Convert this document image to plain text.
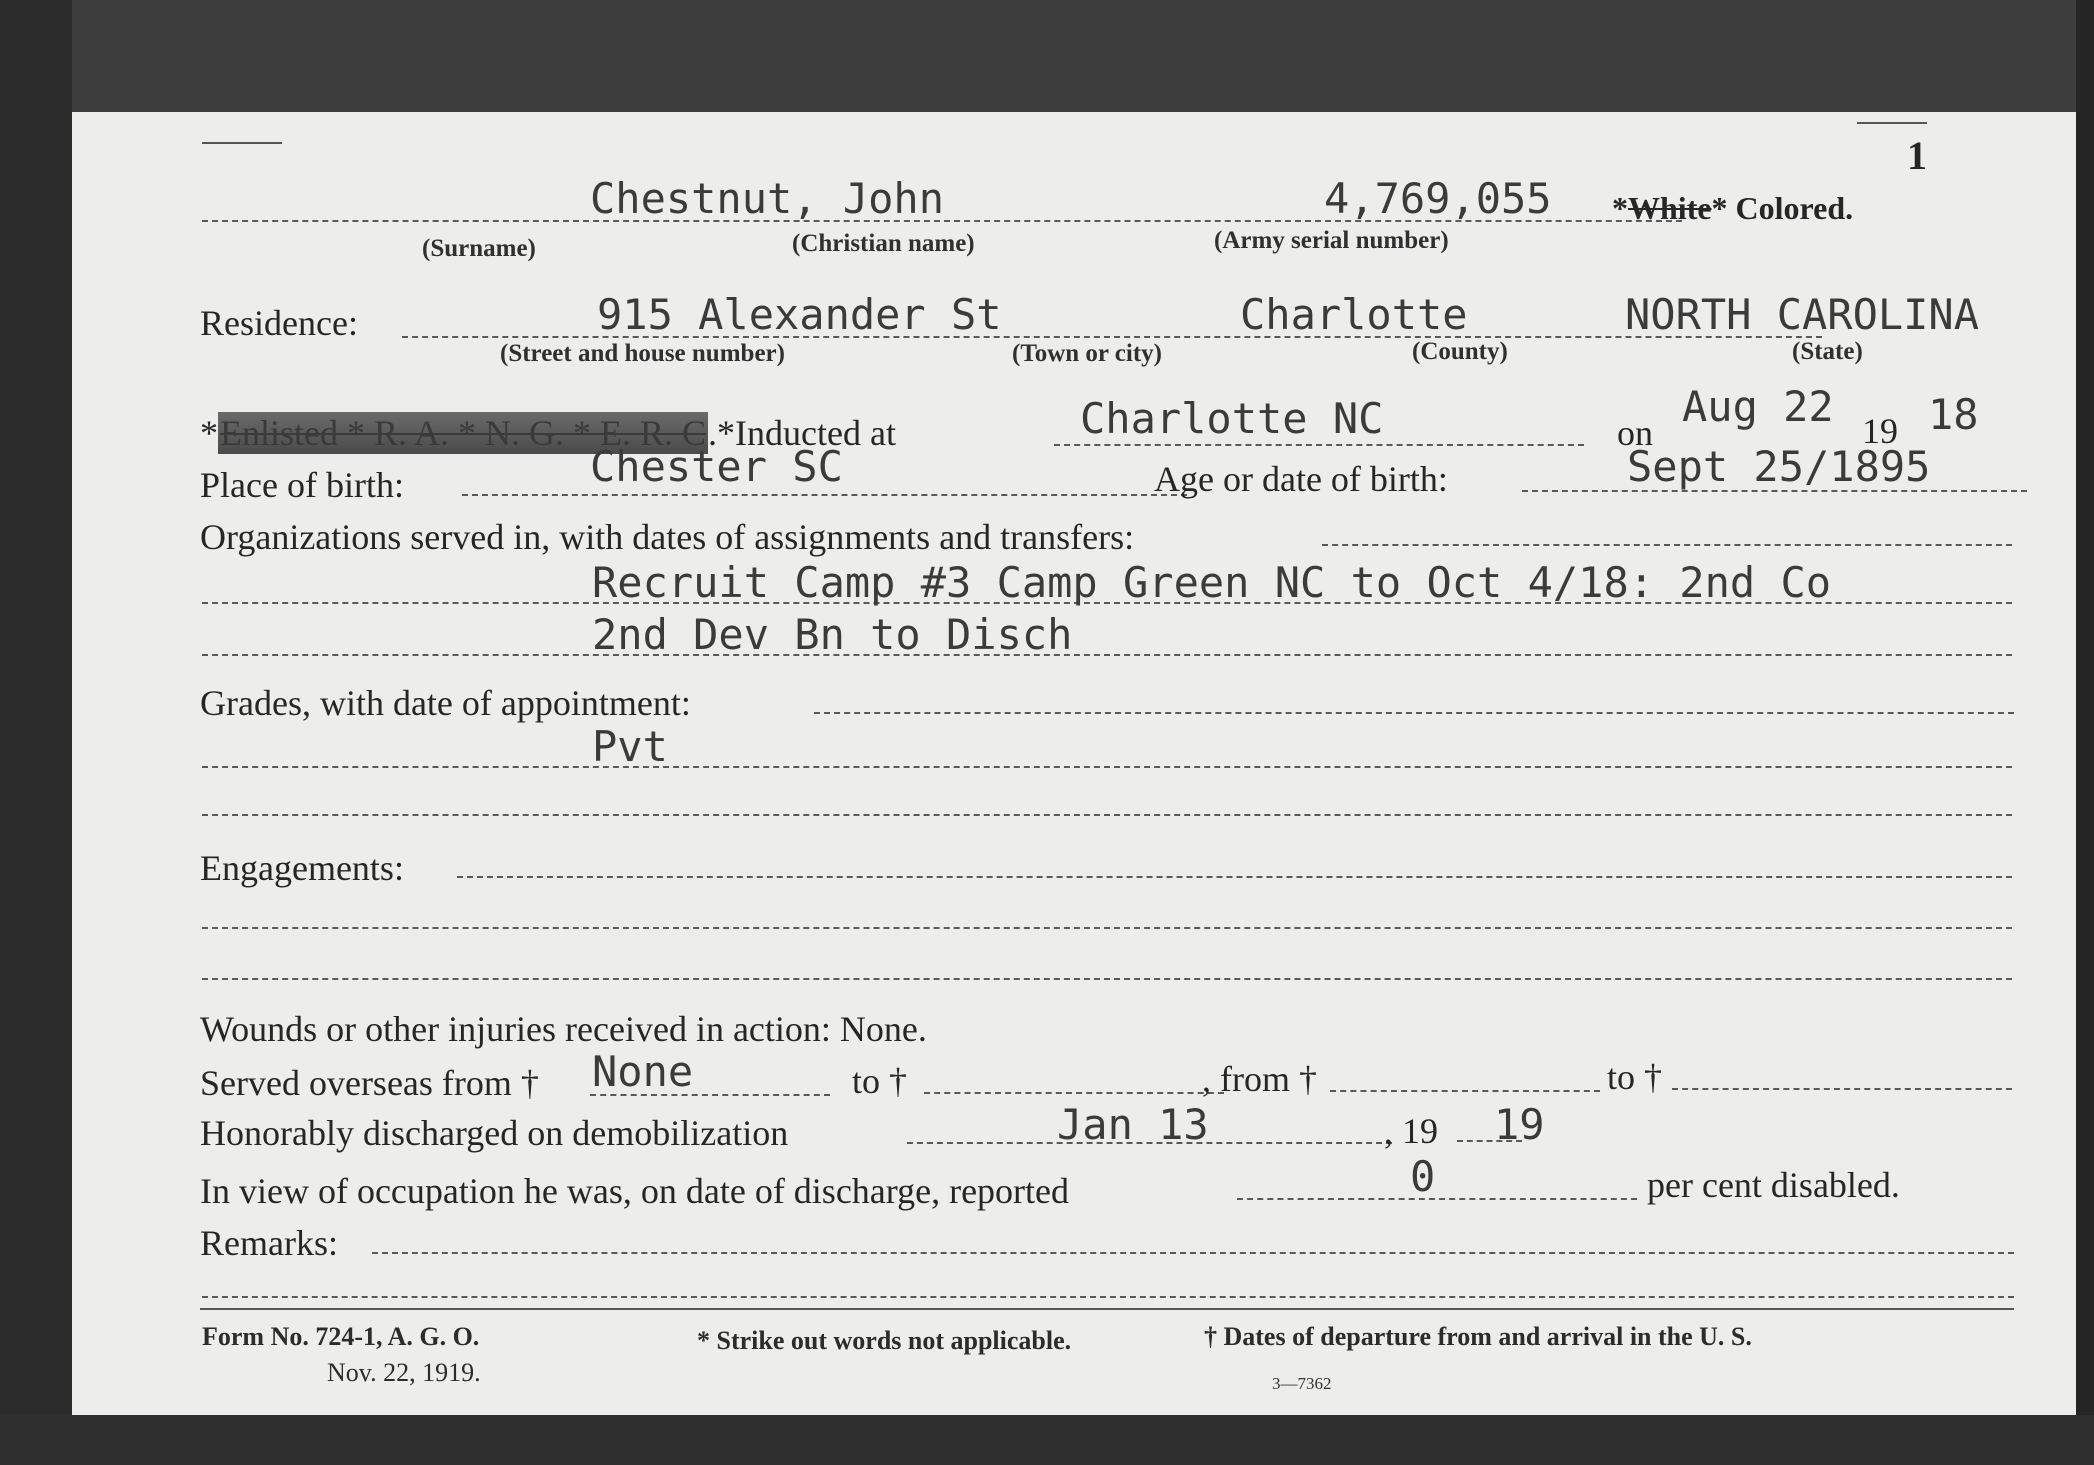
1
Chestnut, John	4,769,055 *White* Colored.
(Surname)	(Christian name)	(Army serial number)
Residence:	915 Alexander St	Charlotte	NORTH CAROLINA
(Street and house number)	(Town or city)	(County)	(State)
*Enlisted * R. A. * N. G. * E. R. C.*Inducted at	Charlotte NC	on
Aug 22 19 18
Place of birth:	Chester SC	Age or date of birth:	Sept 25/1895
Organizations served in, with dates of assignments and transfers:
Recruit Camp #3 Camp Green NC to Oct 4/18: 2nd Co
2nd Dev Bn to Disch
Grades, with date of appointment:
Pvt
Engagements:
Wounds or other injuries received in action: None.
Served overseas from † None	to †	, from †	to †
Honorably discharged on demobilization	Jan 13	, 19 19
In view of occupation he was, on date of discharge, reported	0	per cent disabled.
Remarks:
Form No. 724-1, A. G. O.
Nov. 22, 1919.
* Strike out words not applicable.	† Dates of departure from and arrival in the U. S.
3—7362
